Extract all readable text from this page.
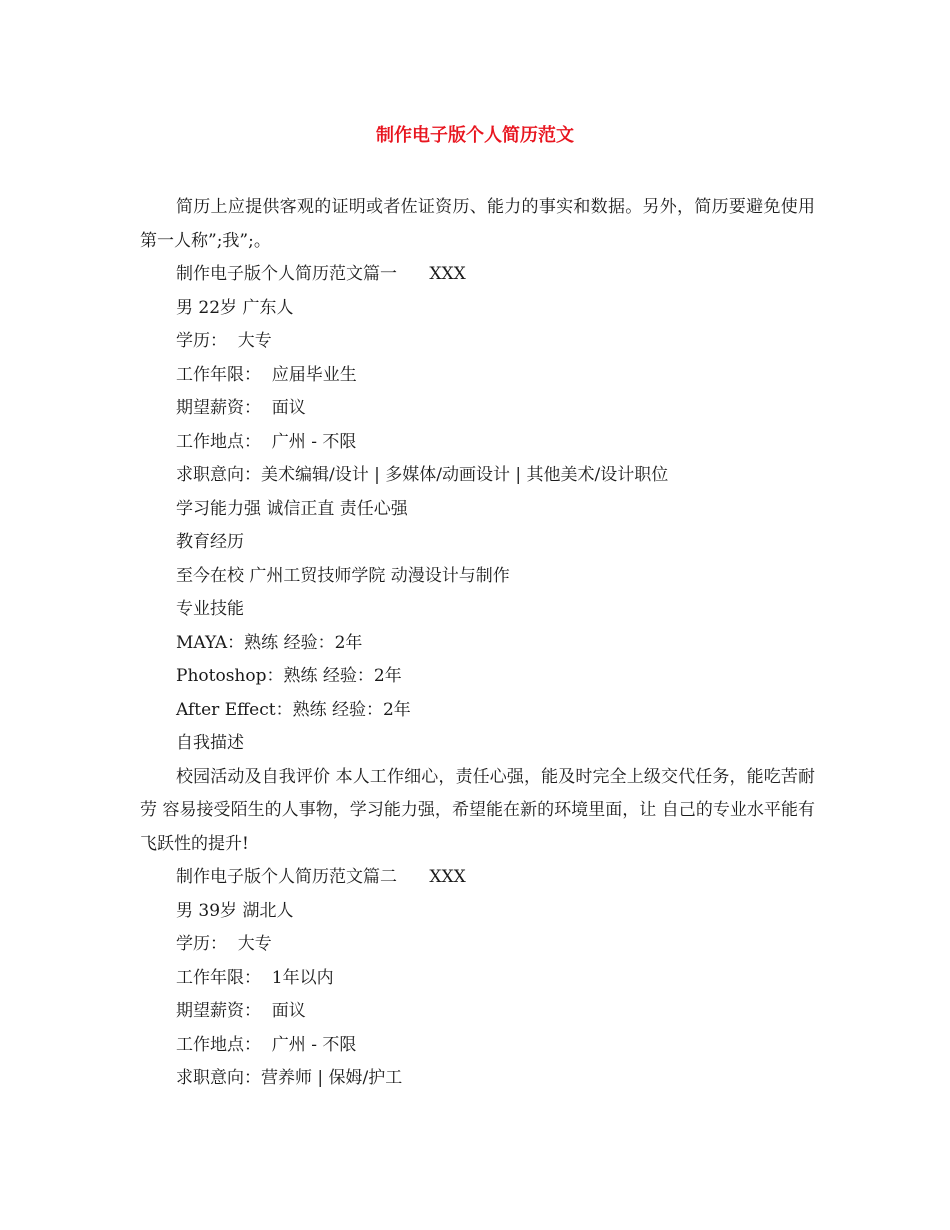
制作电子版个人简历范文

简历上应提供客观的证明或者佐证资历、能力的事实和数据。另外，简历要避免使用第一人称”;我”;。

制作电子版个人简历范文篇一      XXX

男 22岁 广东人

学历：  大专

工作年限：  应届毕业生

期望薪资：  面议

工作地点：  广州 - 不限

求职意向：美术编辑/设计 | 多媒体/动画设计 | 其他美术/设计职位

学习能力强 诚信正直 责任心强

教育经历

至今在校 广州工贸技师学院 动漫设计与制作

专业技能

MAYA：熟练 经验：2年

Photoshop：熟练 经验：2年

After Effect：熟练 经验：2年

自我描述

校园活动及自我评价 本人工作细心，责任心强，能及时完全上级交代任务，能吃苦耐劳 容易接受陌生的人事物，学习能力强，希望能在新的环境里面，让 自己的专业水平能有飞跃性的提升!

制作电子版个人简历范文篇二      XXX

男 39岁 湖北人

学历：  大专

工作年限：  1年以内

期望薪资：  面议

工作地点：  广州 - 不限

求职意向：营养师 | 保姆/护工
